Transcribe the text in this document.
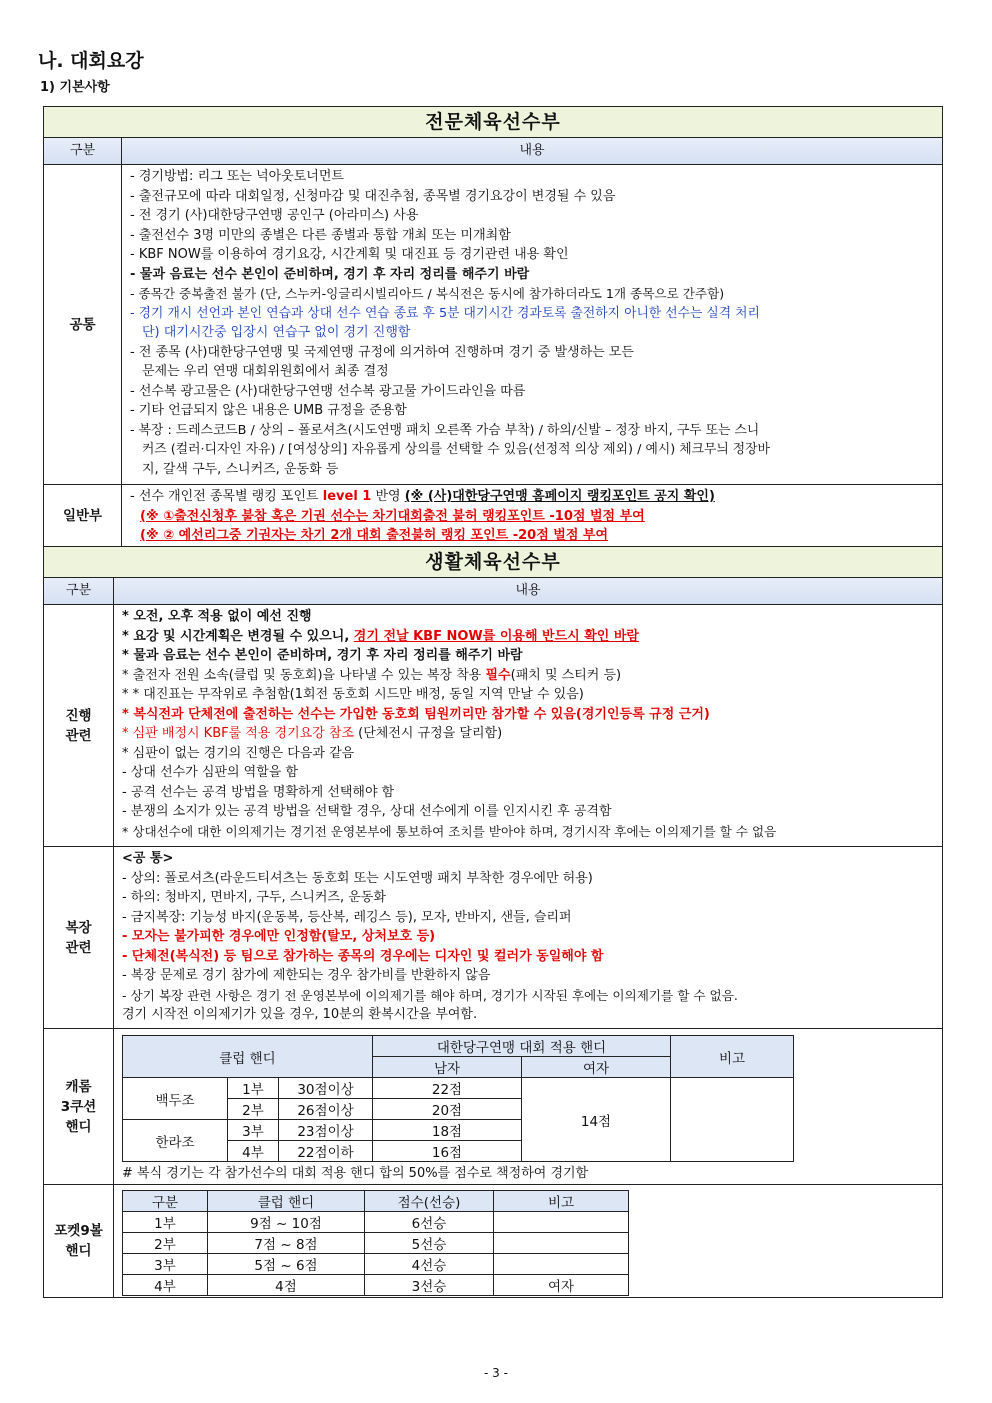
나. 대회요강
1) 기본사항
전문체육선수부
구분	내용
공통
- 경기방법: 리그 또는 넉아웃토너먼트
- 출전규모에 따라 대회일정, 신청마감 및 대진추첨, 종목별 경기요강이 변경될 수 있음
- 전 경기 (사)대한당구연맹 공인구 (아라미스) 사용
- 출전선수 3명 미만의 종별은 다른 종별과 통합 개최 또는 미개최함
- KBF NOW를 이용하여 경기요강, 시간계획 및 대진표 등 경기관련 내용 확인
- 물과 음료는 선수 본인이 준비하며, 경기 후 자리 정리를 해주기 바람
- 종목간 중복출전 불가 (단, 스누커-잉글리시빌리아드 / 복식전은 동시에 참가하더라도 1개 종목으로 간주함)
- 경기 개시 선언과 본인 연습과 상대 선수 연습 종료 후 5분 대기시간 경과토록 출전하지 아니한 선수는 실격 처리
단) 대기시간중 입장시 연습구 없이 경기 진행함
- 전 종목 (사)대한당구연맹 및 국제연맹 규정에 의거하여 진행하며 경기 중 발생하는 모든
문제는 우리 연맹 대회위원회에서 최종 결정
- 선수복 광고물은 (사)대한당구연맹 선수복 광고물 가이드라인을 따름
- 기타 언급되지 않은 내용은 UMB 규정을 준용함
- 복장 : 드레스코드B / 상의 – 폴로셔츠(시도연맹 패치 오른쪽 가슴 부착) / 하의/신발 – 정장 바지, 구두 또는 스니
커즈 (컬러·디자인 자유) / [여성상의] 자유롭게 상의를 선택할 수 있음(선정적 의상 제외) / 예시) 체크무늬 정장바
지, 갈색 구두, 스니커즈, 운동화 등
일반부
- 선수 개인전 종목별 랭킹 포인트 level 1 반영 (※ (사)대한당구연맹 홈페이지 랭킹포인트 공지 확인)
(※ ①출전신청후 불참 혹은 기권 선수는 차기대회출전 불허 랭킹포인트 -10점 벌점 부여
(※ ② 예선리그중 기권자는 차기 2개 대회 출전불허 랭킹 포인트 -20점 벌점 부여
생활체육선수부
구분	내용
진행
관련
* 오전, 오후 적용 없이 예선 진행
* 요강 및 시간계획은 변경될 수 있으니, 경기 전날 KBF NOW를 이용해 반드시 확인 바람
* 물과 음료는 선수 본인이 준비하며, 경기 후 자리 정리를 해주기 바람
* 출전자 전원 소속(클럽 및 동호회)을 나타낼 수 있는 복장 착용 필수(패치 및 스티커 등)
* * 대진표는 무작위로 추첨함(1회전 동호회 시드만 배정, 동일 지역 만날 수 있음)
* 복식전과 단체전에 출전하는 선수는 가입한 동호회 팀원끼리만 참가할 수 있음(경기인등록 규정 근거)
* 심판 배정시 KBF룰 적용 경기요강 참조 (단체전시 규정을 달리함)
* 심판이 없는 경기의 진행은 다음과 같음
- 상대 선수가 심판의 역할을 함
- 공격 선수는 공격 방법을 명확하게 선택해야 함
- 분쟁의 소지가 있는 공격 방법을 선택할 경우, 상대 선수에게 이를 인지시킨 후 공격함
* 상대선수에 대한 이의제기는 경기전 운영본부에 통보하여 조치를 받아야 하며, 경기시작 후에는 이의제기를 할 수 없음
복장
관련
<공 통>
- 상의: 폴로셔츠(라운드티셔츠는 동호회 또는 시도연맹 패치 부착한 경우에만 허용)
- 하의: 청바지, 면바지, 구두, 스니커즈, 운동화
- 금지복장: 기능성 바지(운동복, 등산복, 레깅스 등), 모자, 반바지, 샌들, 슬리퍼
- 모자는 불가피한 경우에만 인정함(탈모, 상처보호 등)
- 단체전(복식전) 등 팀으로 참가하는 종목의 경우에는 디자인 및 컬러가 동일해야 함
- 복장 문제로 경기 참가에 제한되는 경우 참가비를 반환하지 않음
- 상기 복장 관련 사항은 경기 전 운영본부에 이의제기를 해야 하며, 경기가 시작된 후에는 이의제기를 할 수 없음.
경기 시작전 이의제기가 있을 경우, 10분의 환복시간을 부여함.
캐롬
3쿠션
핸디
클럽 핸디			대한당구연맹 대회 적용 핸디		비고
			남자	여자	
백두조	1부	30점이상	22점	14점	
	2부	26점이상	20점		
한라조	3부	23점이상	18점		
	4부	22점이하	16점		
# 복식 경기는 각 참가선수의 대회 적용 핸디 합의 50%를 점수로 책정하여 경기함
포켓9볼
핸디
구분	클럽 핸디	점수(선승)	비고
1부	9점 ~ 10점	6선승	
2부	7점 ~ 8점	5선승	
3부	5점 ~ 6점	4선승	
4부	4점	3선승	여자
- 3 -
